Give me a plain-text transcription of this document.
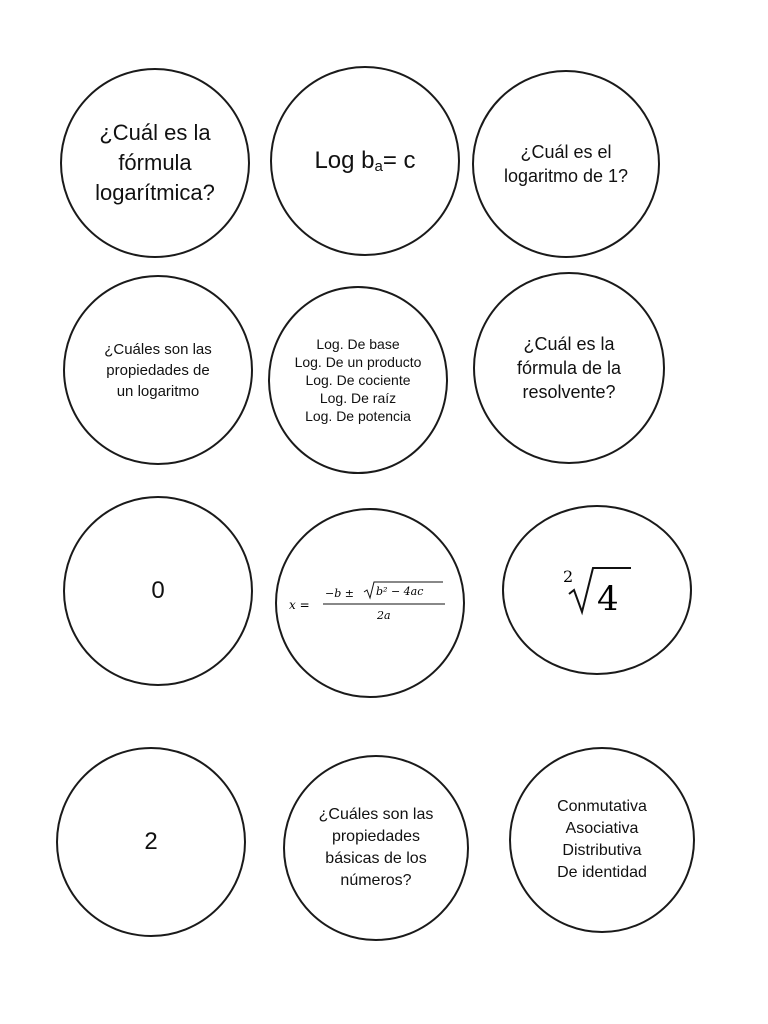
¿Cuál es la
fórmula
logarítmica?
Log $b_a= c$	¿Cuál es el
logaritmo de 1?
¿Cuáles son las
propiedades de
un logaritmo
Log. De base
Log. De un producto
Log. De cociente
Log. De raíz
Log. De potencia
¿Cuál es la
fórmula de la
resolvente?
0
x =
−b ± b² − 4ac
2a
2
4
2
¿Cuáles son las
propiedades
básicas de los
números?
Conmutativa
Asociativa
Distributiva
De identidad
